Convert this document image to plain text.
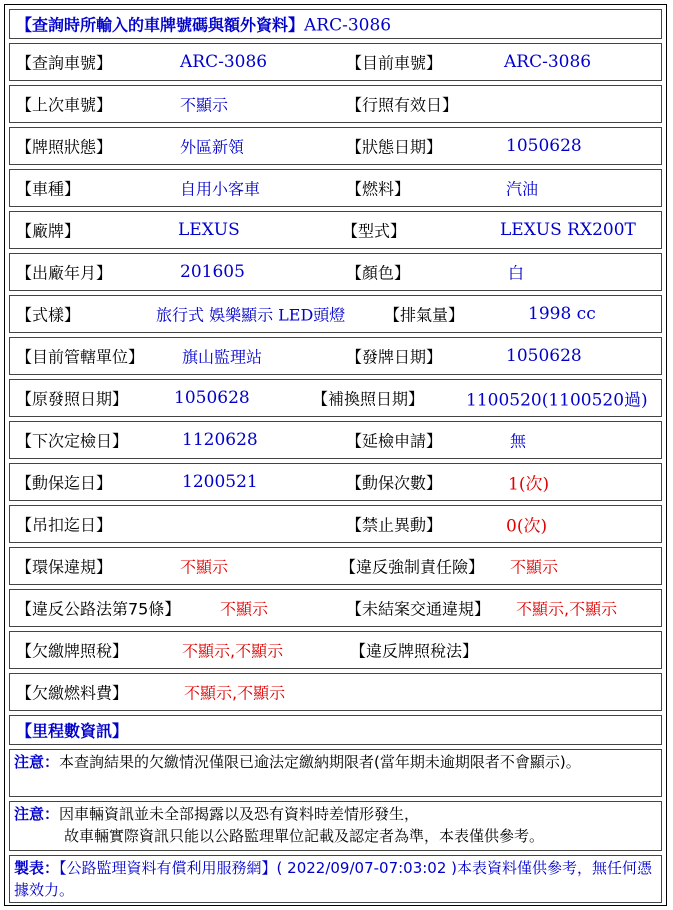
【查詢時所輸入的車牌號碼與額外資料】ARC-3086
【查詢車號】	ARC-3086	【目前車號】	ARC-3086
【上次車號】	不顯示	【行照有效日】
【牌照狀態】	外區新領	【狀態日期】	1050628
【車種】	自用小客車	【燃料】	汽油
【廠牌】	LEXUS	【型式】	LEXUS RX200T
【出廠年月】	201605	【顏色】	白
【式樣】	旅行式 娛樂顯示 LED頭燈 【排氣量】	1998 cc
【目前管轄單位】 旗山監理站	【發牌日期】	1050628
【原發照日期】	1050628	【補換照日期】 1100520(1100520過)
【下次定檢日】	1120628	【延檢申請】	無
【動保迄日】	1200521	【動保次數】	1(次)
【吊扣迄日】	【禁止異動】	0(次)
【環保違規】	不顯示	【違反強制責任險】 不顯示
【違反公路法第75條】 不顯示	【未結案交通違規】 不顯示,不顯示
【欠繳牌照稅】	不顯示,不顯示	【違反牌照稅法】
【欠繳燃料費】	不顯示,不顯示
【里程數資訊】
注意：本查詢結果的欠繳情況僅限已逾法定繳納期限者(當年期未逾期限者不會顯示)。
注意：因車輛資訊並未全部揭露以及恐有資料時差情形發生，
故車輛實際資訊只能以公路監理單位記載及認定者為準，本表僅供參考。
製表：【公路監理資料有償利用服務網】( 2022/09/07-07:03:02 )本表資料僅供參考，無任何憑據效力。
